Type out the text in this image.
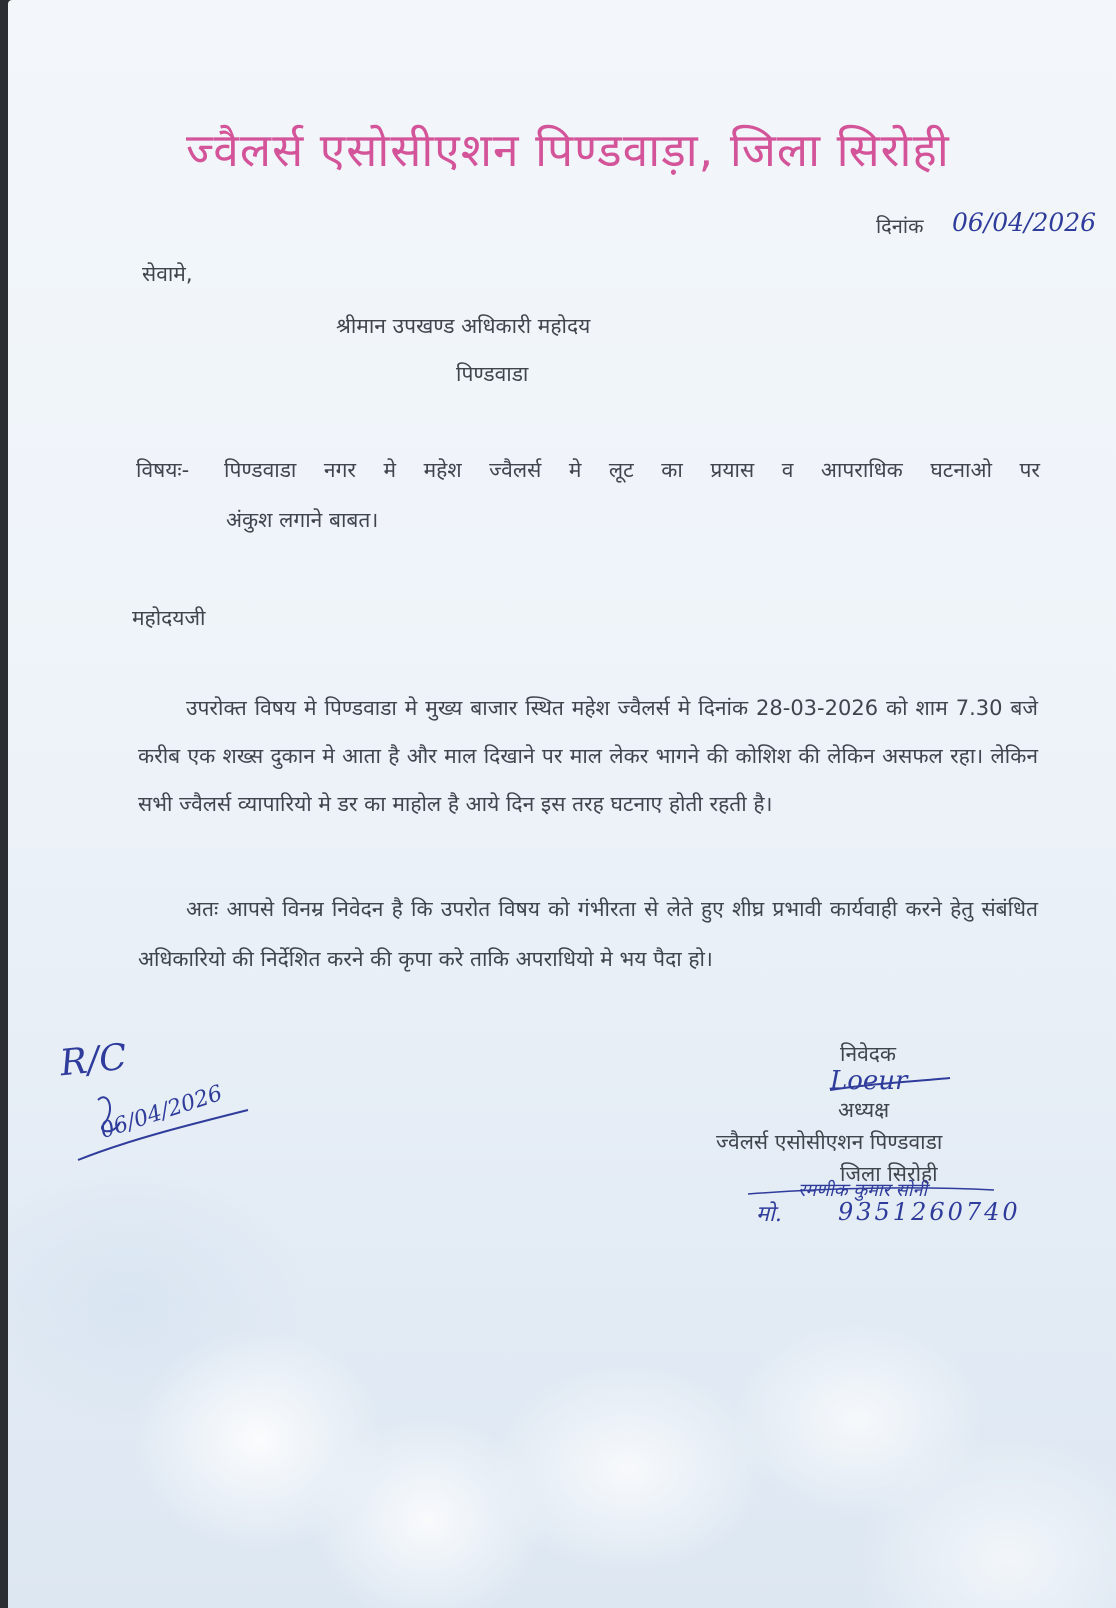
ज्वैलर्स एसोसीएशन पिण्डवाड़ा, जिला सिरोही
दिनांक 06/04/2026
सेवामे,
श्रीमान उपखण्ड अधिकारी महोदय
पिण्डवाडा
विषयः- पिण्डवाडा नगर मे महेश ज्वैलर्स मे लूट का प्रयास व आपराधिक घटनाओ पर
अंकुश लगाने बाबत।
महोदयजी
उपरोक्त विषय मे पिण्डवाडा मे मुख्य बाजार स्थित महेश ज्वैलर्स मे दिनांक 28-03-2026 को शाम 7.30 बजे करीब एक शख्स दुकान मे आता है और माल दिखाने पर माल लेकर भागने की कोशिश की लेकिन असफल रहा। लेकिन सभी ज्वैलर्स व्यापारियो मे डर का माहोल है आये दिन इस तरह घटनाए होती रहती है।
अतः आपसे विनम्र निवेदन है कि उपरोत विषय को गंभीरता से लेते हुए शीघ्र प्रभावी कार्यवाही करने हेतु संबंधित अधिकारियो की निर्देशित करने की कृपा करे ताकि अपराधियो मे भय पैदा हो।
निवेदक
Loeur
अध्यक्ष
ज्वैलर्स एसोसीएशन पिण्डवाडा
जिला सिरोही
रमणीक कुमार सोनी
मो. 9351260740
R/C
06/04/2026
